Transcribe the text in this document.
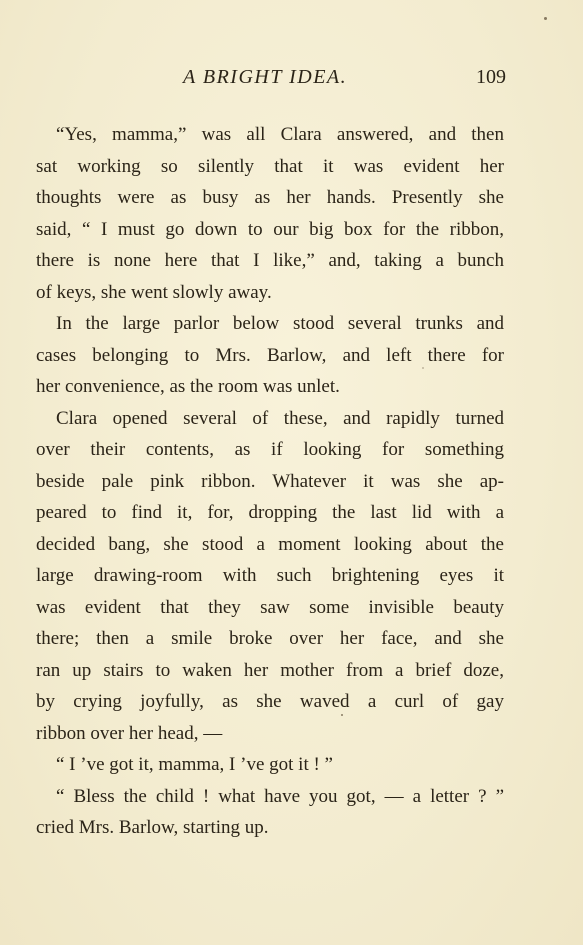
A BRIGHT IDEA.	109
“Yes, mamma,” was all Clara answered, and then
sat working so silently that it was evident her
thoughts were as busy as her hands. Presently she
said, “ I must go down to our big box for the ribbon,
there is none here that I like,” and, taking a bunch
of keys, she went slowly away.
In the large parlor below stood several trunks and
cases belonging to Mrs. Barlow, and left there for
her convenience, as the room was unlet.
Clara opened several of these, and rapidly turned
over their contents, as if looking for something
beside pale pink ribbon. Whatever it was she ap-
peared to find it, for, dropping the last lid with a
decided bang, she stood a moment looking about the
large drawing-room with such brightening eyes it
was evident that they saw some invisible beauty
there; then a smile broke over her face, and she
ran up stairs to waken her mother from a brief doze,
by crying joyfully, as she waved a curl of gay
ribbon over her head, —
“ I ’ve got it, mamma, I ’ve got it ! ”
“ Bless the child ! what have you got, — a letter ? ”
cried Mrs. Barlow, starting up.
